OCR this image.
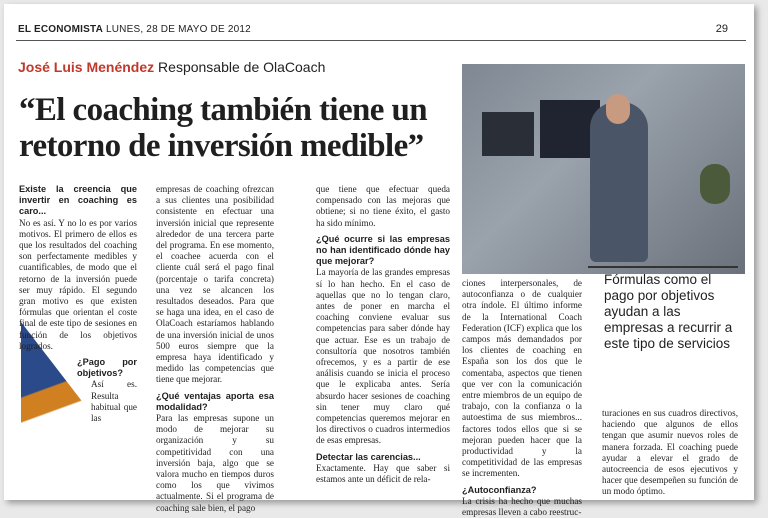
EL ECONOMISTA LUNES, 28 DE MAYO DE 2012	29
José Luis Menéndez Responsable de OlaCoach
“El coaching también tiene un
retorno de inversión medible”
Fórmulas como el pago por objetivos ayudan a las empresas a recurrir a este tipo de servicios

Existe la creencia que invertir en coaching es caro...

No es así. Y no lo es por varios motivos. El primero de ellos es que los resultados del coaching son perfectamente medibles y cuantificables, de modo que el retorno de la inversión puede ser muy rápido. El segundo gran motivo es que existen fórmulas que orientan el coste final de este tipo de sesiones en función de los objetivos logrados.

¿Pago por objetivos?

Así es. Resulta habitual que las

empresas de coaching ofrezcan a sus clientes una posibilidad consistente en efectuar una inversión inicial que represente alrededor de una tercera parte del programa. En ese momento, el coachee acuerda con el cliente cuál será el pago final (porcentaje o tarifa concreta) una vez se alcancen los resultados deseados. Para que se haga una idea, en el caso de OlaCoach estaríamos hablando de una inversión inicial de unos 500 euros siempre que la empresa haya identificado y medido las competencias que tiene que mejorar.

¿Qué ventajas aporta esa modalidad?

Para las empresas supone un modo de mejorar su organización y su competitividad con una inversión baja, algo que se valora mucho en tiempos duros como los que vivimos actualmente. Si el programa de coaching sale bien, el pago

que tiene que efectuar queda compensado con las mejoras que obtiene; si no tiene éxito, el gasto ha sido mínimo.

¿Qué ocurre si las empresas no han identificado dónde hay que mejorar?

La mayoría de las grandes empresas sí lo han hecho. En el caso de aquellas que no lo tengan claro, antes de poner en marcha el coaching conviene evaluar sus competencias para saber dónde hay que actuar. Ese es un trabajo de consultoría que nosotros también ofrecemos, y es a partir de ese análisis cuando se inicia el proceso que le explicaba antes. Sería absurdo hacer sesiones de coaching sin tener muy claro qué competencias queremos mejorar en los directivos o cuadros intermedios de esas empresas.

Detectar las carencias...

Exactamente. Hay que saber si estamos ante un déficit de rela-

ciones interpersonales, de autoconfianza o de cualquier otra índole. El último informe de la International Coach Federation (ICF) explica que los campos más demandados por los clientes de coaching en España son los dos que le comentaba, aspectos que tienen que ver con la comunicación entre miembros de un equipo de trabajo, con la confianza o la autoestima de sus miembros... factores todos ellos que si se mejoran pueden hacer que la productividad y la competitividad de las empresas se incrementen.

¿Autoconfianza?

La crisis ha hecho que muchas empresas lleven a cabo reestruc-

turaciones en sus cuadros directivos, haciendo que algunos de ellos tengan que asumir nuevos roles de manera forzada. El coaching puede ayudar a elevar el grado de autocreencia de esos ejecutivos y hacer que desempeñen su función de un modo óptimo.
